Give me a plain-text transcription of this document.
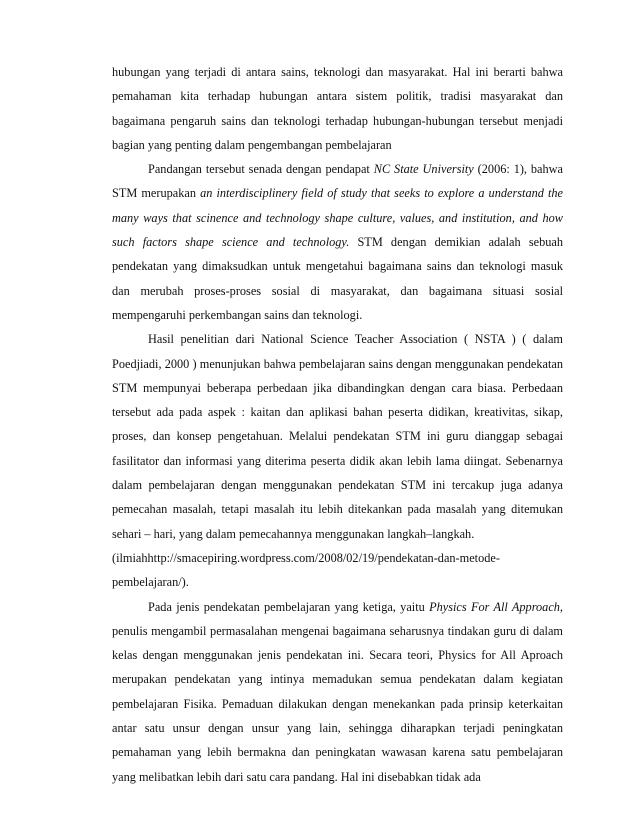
hubungan yang terjadi di antara sains, teknologi dan masyarakat. Hal ini berarti bahwa pemahaman kita terhadap hubungan antara sistem politik, tradisi masyarakat dan bagaimana pengaruh sains dan teknologi terhadap hubungan-hubungan tersebut menjadi bagian yang penting dalam pengembangan pembelajaran

Pandangan tersebut senada dengan pendapat NC State University (2006: 1), bahwa STM merupakan an interdisciplinery field of study that seeks to explore a understand the many ways that scinence and technology shape culture, values, and institution, and how such factors shape science and technology. STM dengan demikian adalah sebuah pendekatan yang dimaksudkan untuk mengetahui bagaimana sains dan teknologi masuk dan merubah proses-proses sosial di masyarakat, dan bagaimana situasi sosial mempengaruhi perkembangan sains dan teknologi.

Hasil penelitian dari National Science Teacher Association ( NSTA ) ( dalam Poedjiadi, 2000 ) menunjukan bahwa pembelajaran sains dengan menggunakan pendekatan STM mempunyai beberapa perbedaan jika dibandingkan dengan cara biasa. Perbedaan tersebut ada pada aspek : kaitan dan aplikasi bahan peserta didikan, kreativitas, sikap, proses, dan konsep pengetahuan. Melalui pendekatan STM ini guru dianggap sebagai fasilitator dan informasi yang diterima peserta didik akan lebih lama diingat. Sebenarnya dalam pembelajaran dengan menggunakan pendekatan STM ini tercakup juga adanya pemecahan masalah, tetapi masalah itu lebih ditekankan pada masalah yang ditemukan sehari – hari, yang dalam pemecahannya menggunakan langkah–langkah.

(ilmiahhttp://smacepiring.wordpress.com/2008/02/19/pendekatan-dan-metode-
pembelajaran/).

Pada jenis pendekatan pembelajaran yang ketiga, yaitu Physics For All Approach, penulis mengambil permasalahan mengenai bagaimana seharusnya tindakan guru di dalam kelas dengan menggunakan jenis pendekatan ini. Secara teori, Physics for All Aproach merupakan pendekatan yang intinya memadukan semua pendekatan dalam kegiatan pembelajaran Fisika. Pemaduan dilakukan dengan menekankan pada prinsip keterkaitan antar satu unsur dengan unsur yang lain, sehingga diharapkan terjadi peningkatan pemahaman yang lebih bermakna dan peningkatan wawasan karena satu pembelajaran yang melibatkan lebih dari satu cara pandang. Hal ini disebabkan tidak ada
